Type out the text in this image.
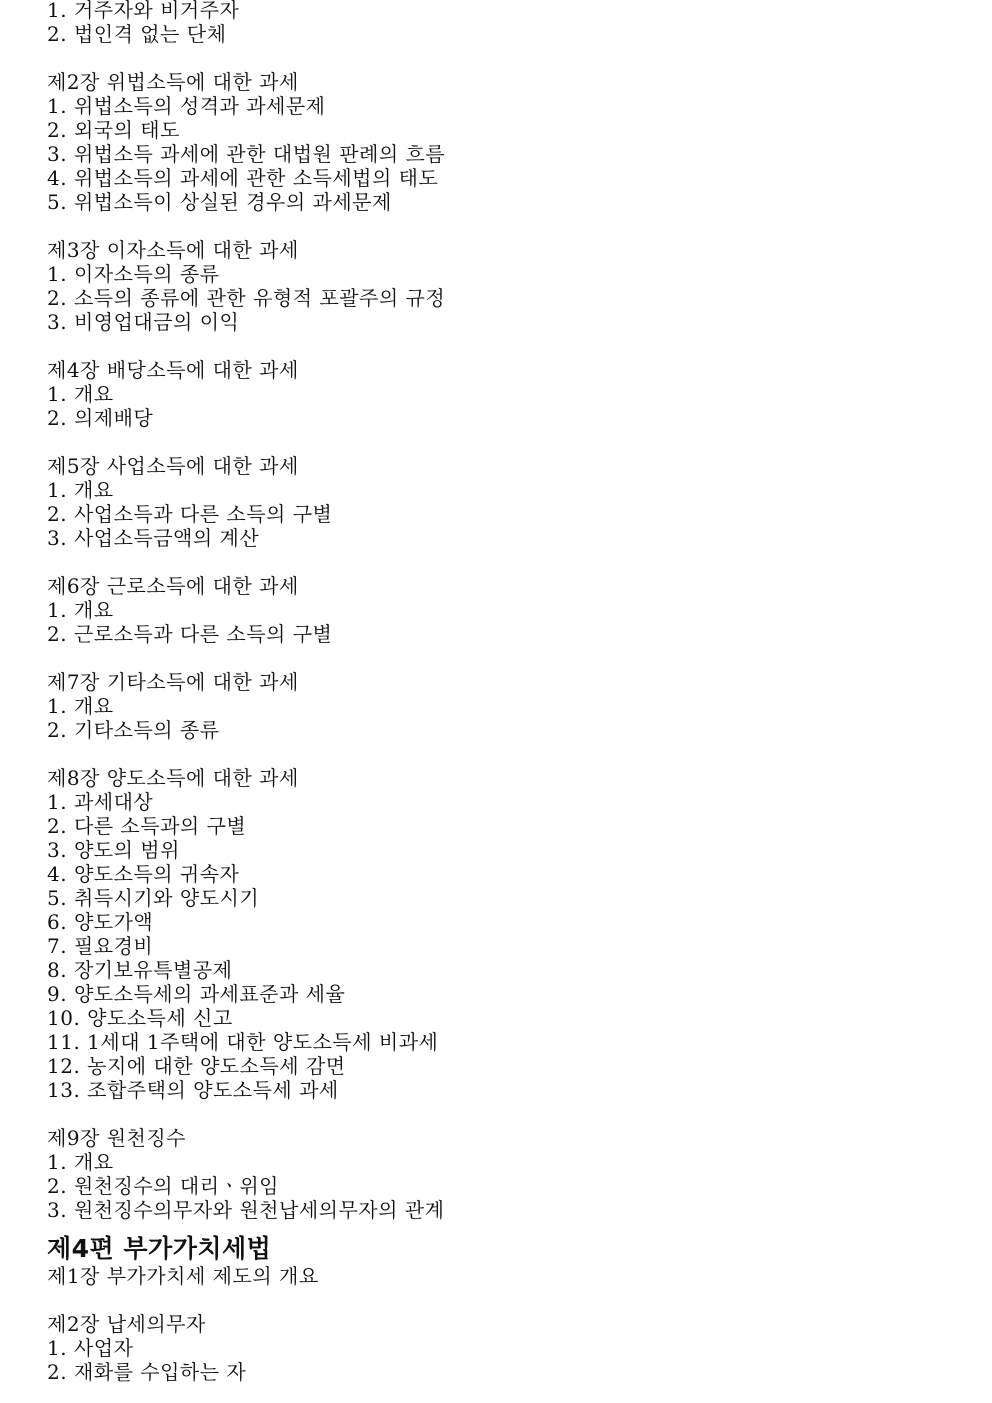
1. 거주자와 비거주자
2. 법인격 없는 단체
제2장 위법소득에 대한 과세
1. 위법소득의 성격과 과세문제
2. 외국의 태도
3. 위법소득 과세에 관한 대법원 판례의 흐름
4. 위법소득의 과세에 관한 소득세법의 태도
5. 위법소득이 상실된 경우의 과세문제
제3장 이자소득에 대한 과세
1. 이자소득의 종류
2. 소득의 종류에 관한 유형적 포괄주의 규정
3. 비영업대금의 이익
제4장 배당소득에 대한 과세
1. 개요
2. 의제배당
제5장 사업소득에 대한 과세
1. 개요
2. 사업소득과 다른 소득의 구별
3. 사업소득금액의 계산
제6장 근로소득에 대한 과세
1. 개요
2. 근로소득과 다른 소득의 구별
제7장 기타소득에 대한 과세
1. 개요
2. 기타소득의 종류
제8장 양도소득에 대한 과세
1. 과세대상
2. 다른 소득과의 구별
3. 양도의 범위
4. 양도소득의 귀속자
5. 취득시기와 양도시기
6. 양도가액
7. 필요경비
8. 장기보유특별공제
9. 양도소득세의 과세표준과 세율
10. 양도소득세 신고
11. 1세대 1주택에 대한 양도소득세 비과세
12. 농지에 대한 양도소득세 감면
13. 조합주택의 양도소득세 과세
제9장 원천징수
1. 개요
2. 원천징수의 대리ㆍ위임
3. 원천징수의무자와 원천납세의무자의 관계
제4편 부가가치세법
제1장 부가가치세 제도의 개요
제2장 납세의무자
1. 사업자
2. 재화를 수입하는 자
